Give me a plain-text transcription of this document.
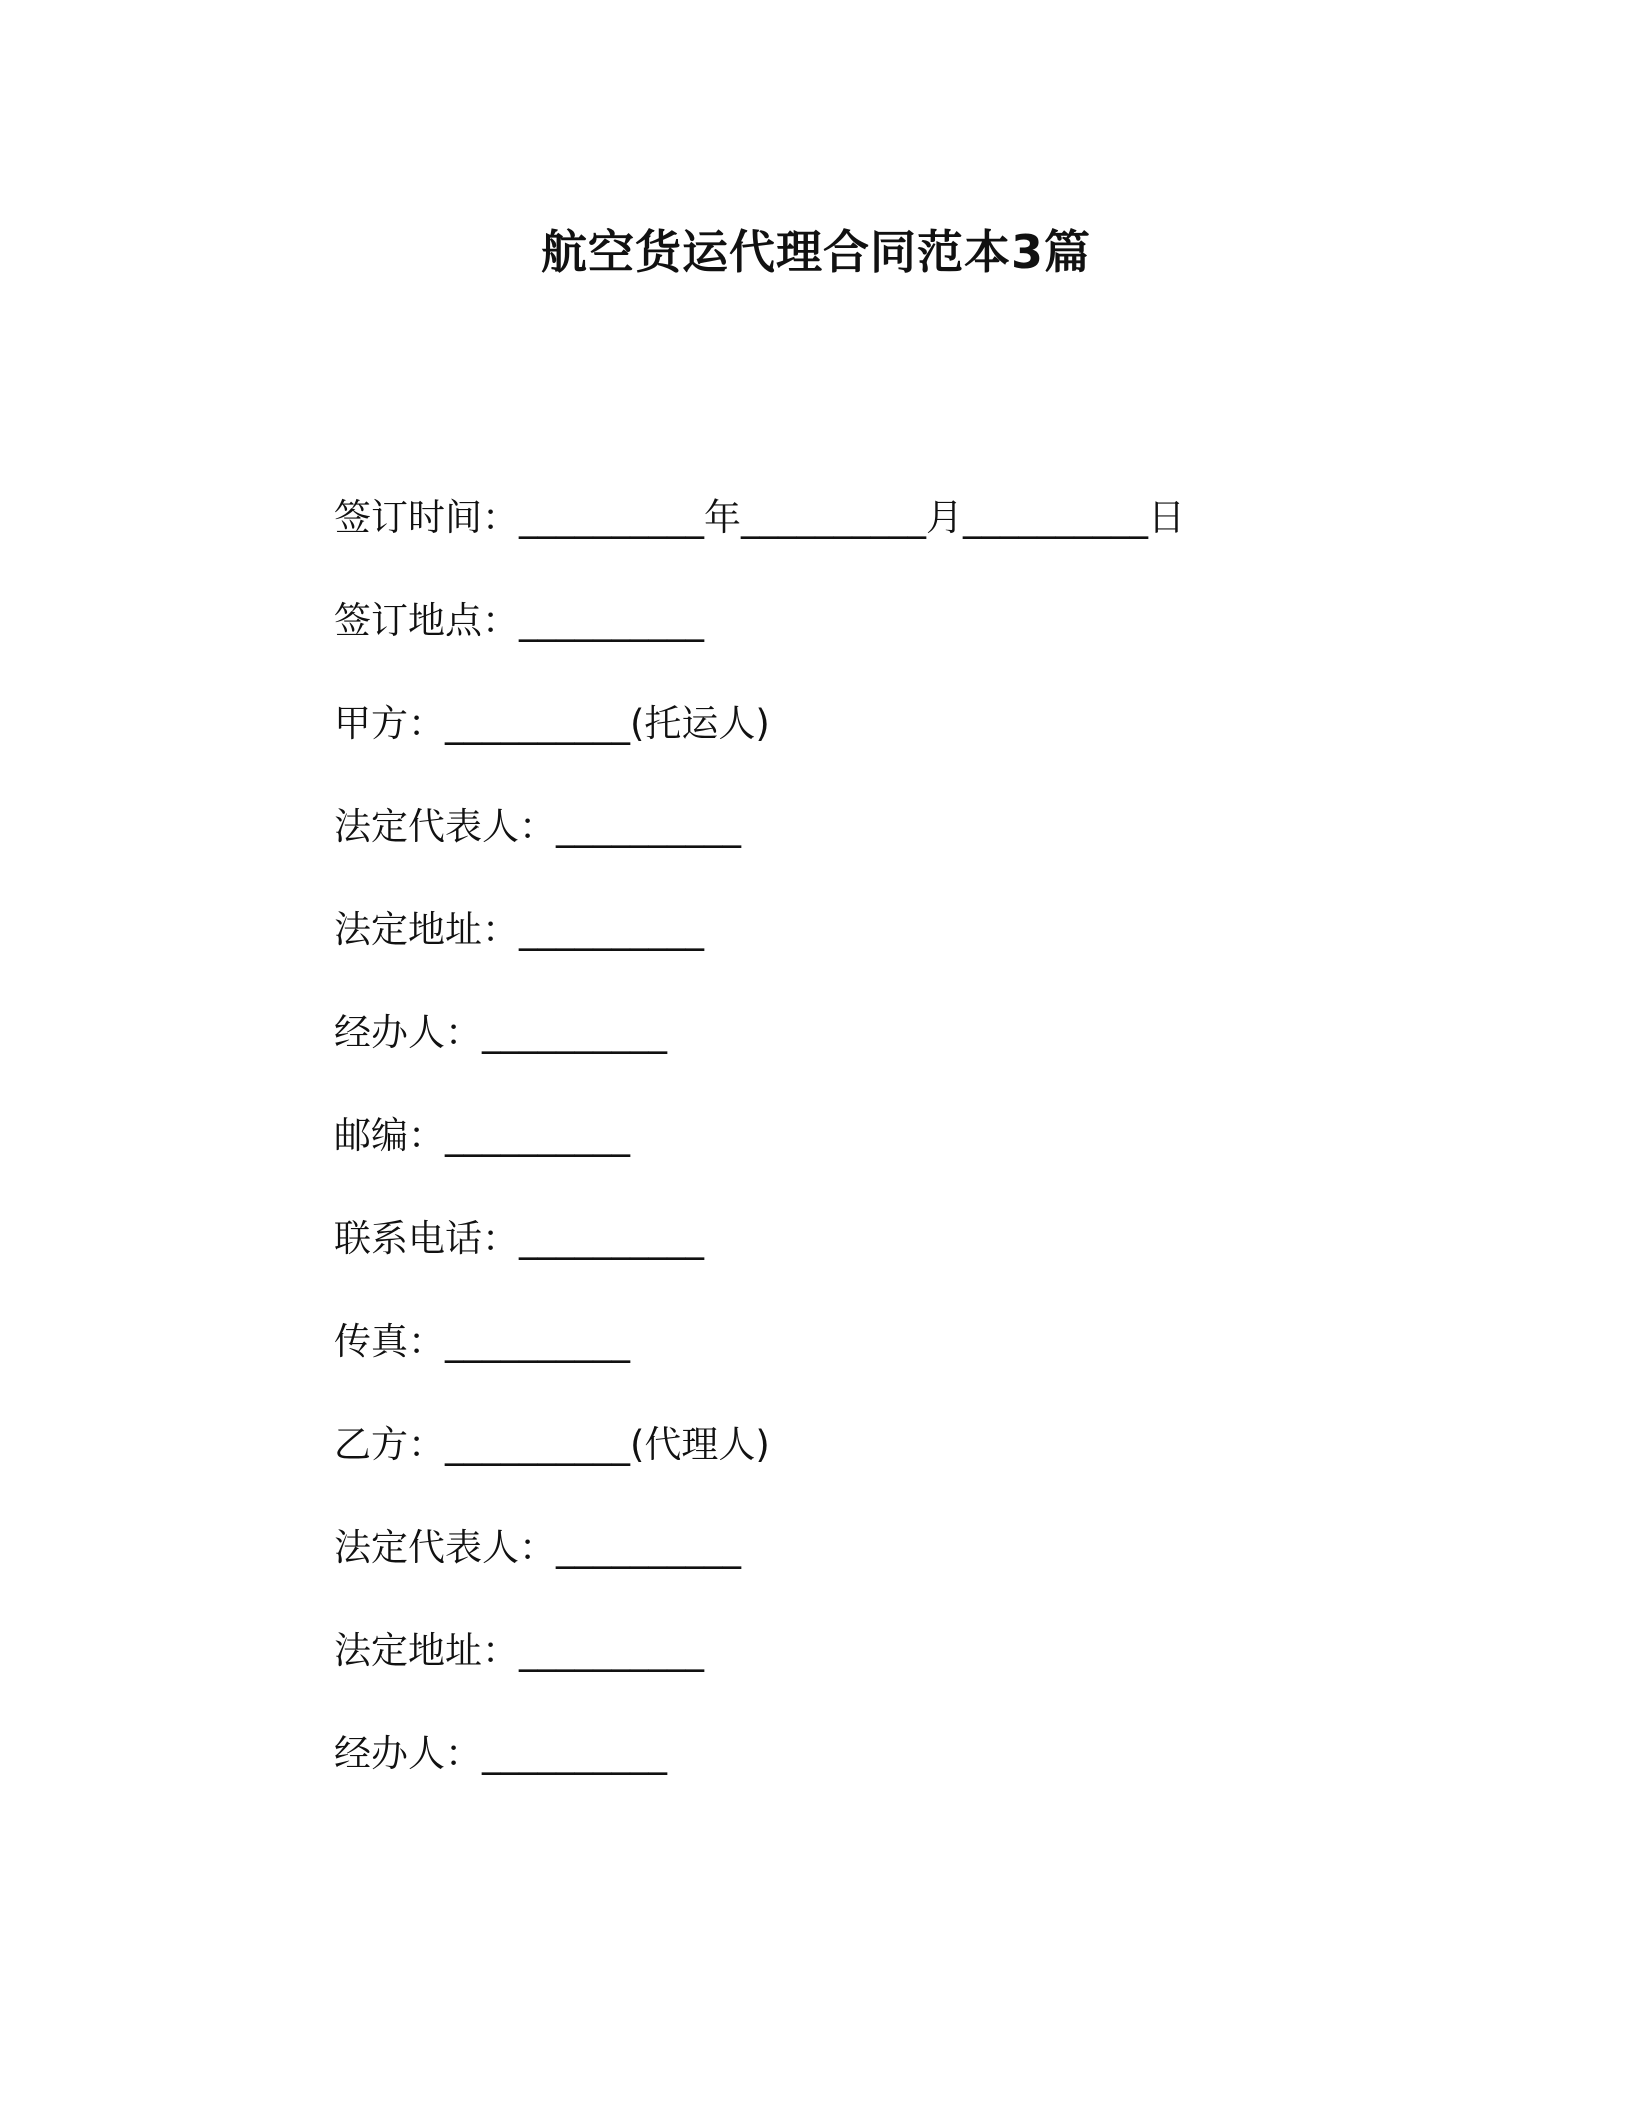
航空货运代理合同范本3篇
签订时间：__________年__________月__________日
签订地点：__________
甲方：__________(托运人)
法定代表人：__________
法定地址：__________
经办人：__________
邮编：__________
联系电话：__________
传真：__________
乙方：__________(代理人)
法定代表人：__________
法定地址：__________
经办人：__________
